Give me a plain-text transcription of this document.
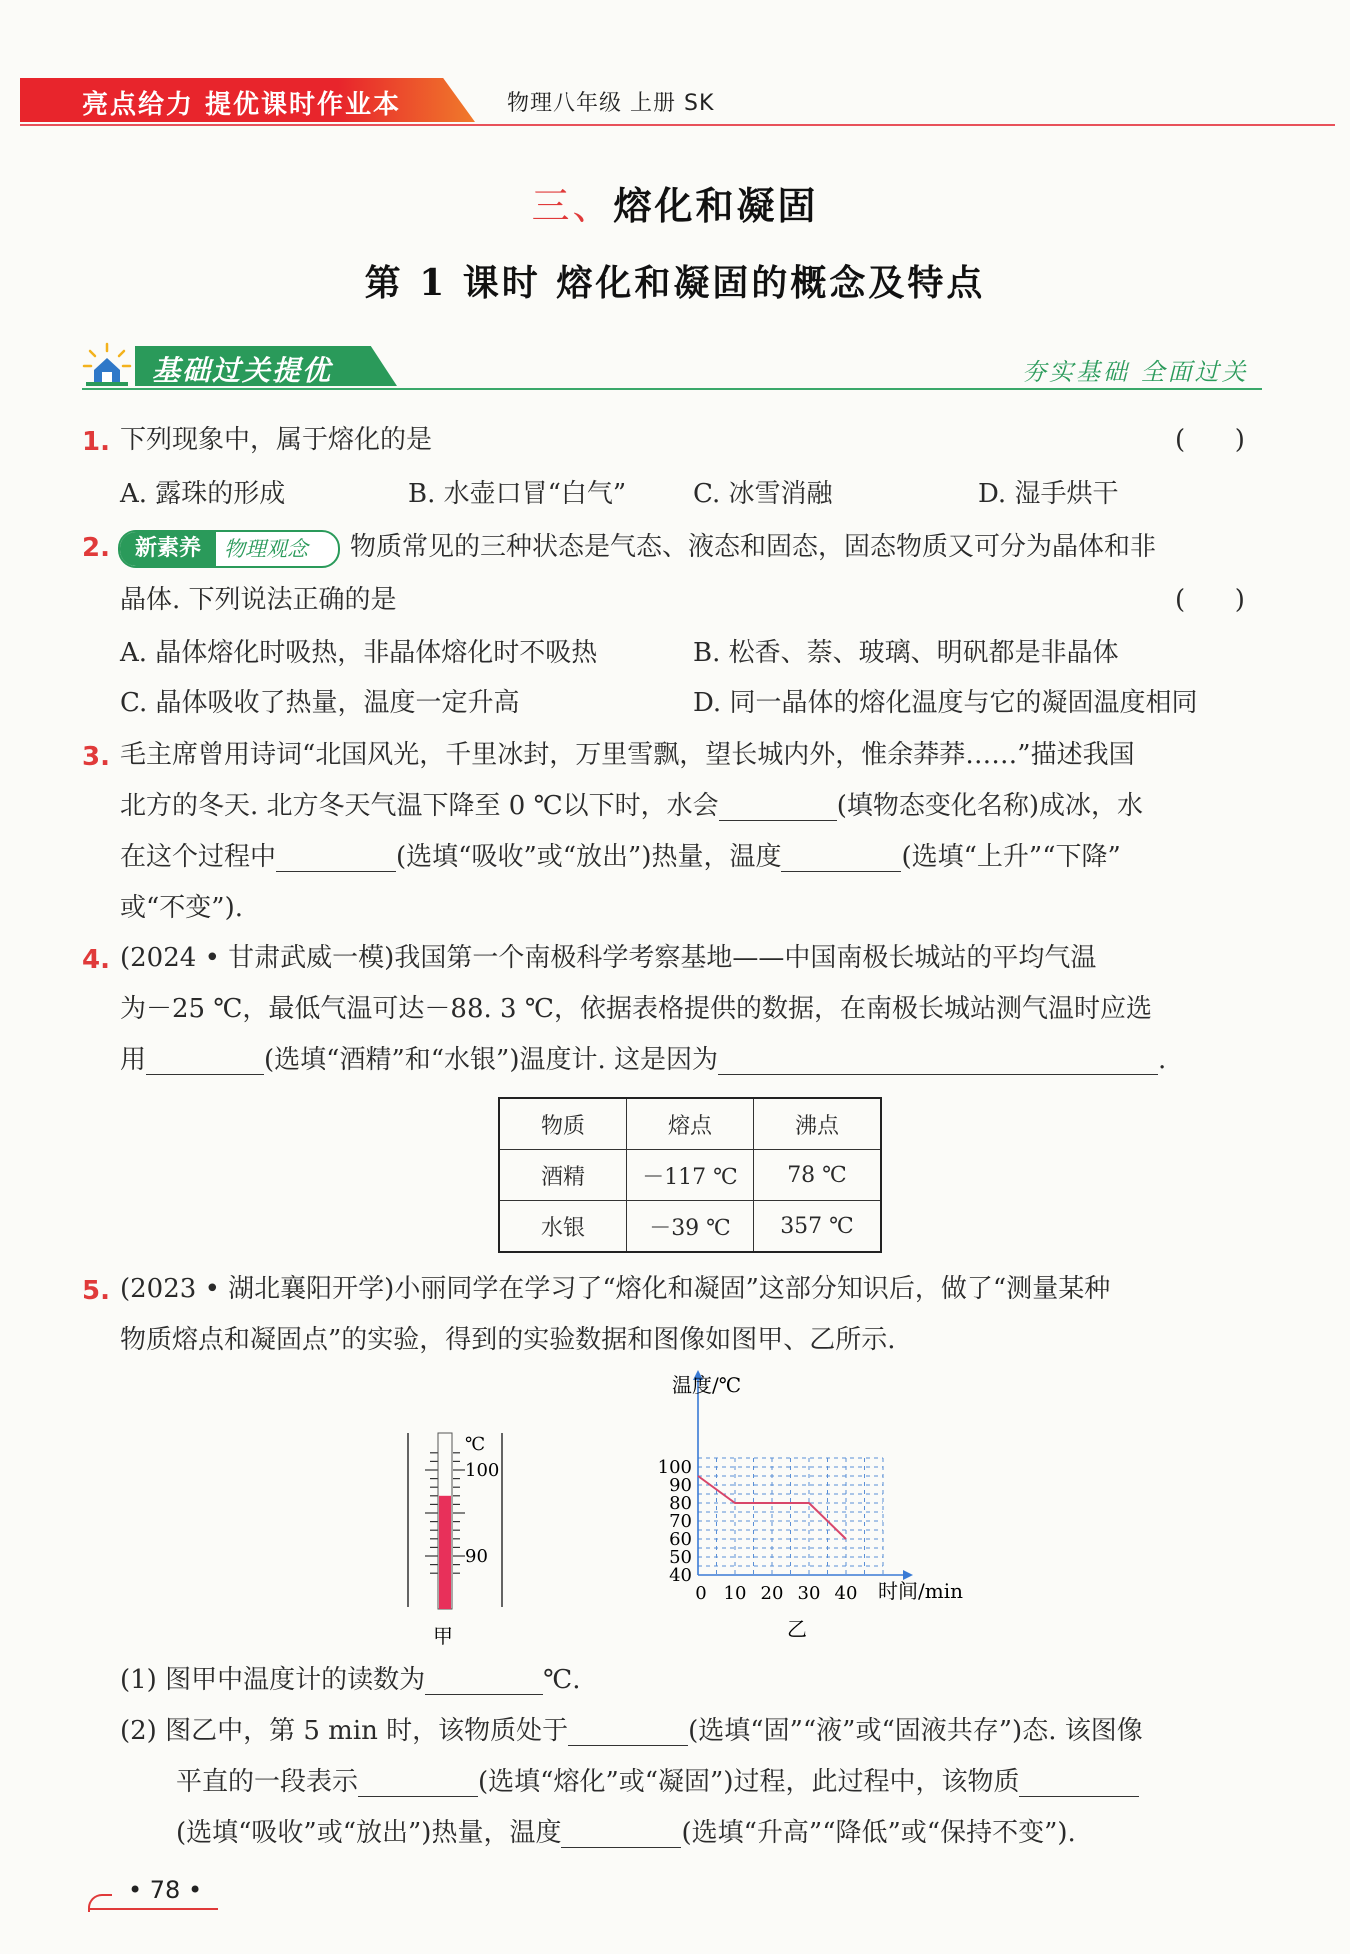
亮点给力 提优课时作业本	物理八年级 上册 SK
三、熔化和凝固
第 1 课时 熔化和凝固的概念及特点
基础过关提优	夯实基础 全面过关
1. 下列现象中，属于熔化的是	(      )
A. 露珠的形成	B. 水壶口冒“白气”	C. 冰雪消融	D. 湿手烘干
2.	新素养	物理观念 物质常见的三种状态是气态、液态和固态，固态物质又可分为晶体和非
晶体. 下列说法正确的是	(      )
A. 晶体熔化时吸热，非晶体熔化时不吸热	B. 松香、萘、玻璃、明矾都是非晶体
C. 晶体吸收了热量，温度一定升高	D. 同一晶体的熔化温度与它的凝固温度相同
3. 毛主席曾用诗词“北国风光，千里冰封，万里雪飘，望长城内外，惟余莽莽……”描述我国
北方的冬天. 北方冬天气温下降至 0 ℃以下时，水会	(填物态变化名称)成冰，水
在这个过程中	(选填“吸收”或“放出”)热量，温度	(选填“上升”“下降”
或“不变”).
4. (2024 • 甘肃武威一模)我国第一个南极科学考察基地——中国南极长城站的平均气温
为－25 ℃，最低气温可达－88. 3 ℃，依据表格提供的数据，在南极长城站测气温时应选
用	(选填“酒精”和“水银”)温度计. 这是因为	.
物质	熔点	沸点
酒精	－117 ℃	78 ℃
水银	－39 ℃	357 ℃
5. (2023 • 湖北襄阳开学)小丽同学在学习了“熔化和凝固”这部分知识后，做了“测量某种
物质熔点和凝固点”的实验，得到的实验数据和图像如图甲、乙所示.
℃
100
90
甲
40
50
60
70
80
90
100
0 10 20 30 40
温度/℃
时间/min
乙
(1) 图甲中温度计的读数为	℃.
(2) 图乙中，第 5 min 时，该物质处于	(选填“固”“液”或“固液共存”)态. 该图像
平直的一段表示	(选填“熔化”或“凝固”)过程，此过程中，该物质
(选填“吸收”或“放出”)热量，温度	(选填“升高”“降低”或“保持不变”).
• 78 •
